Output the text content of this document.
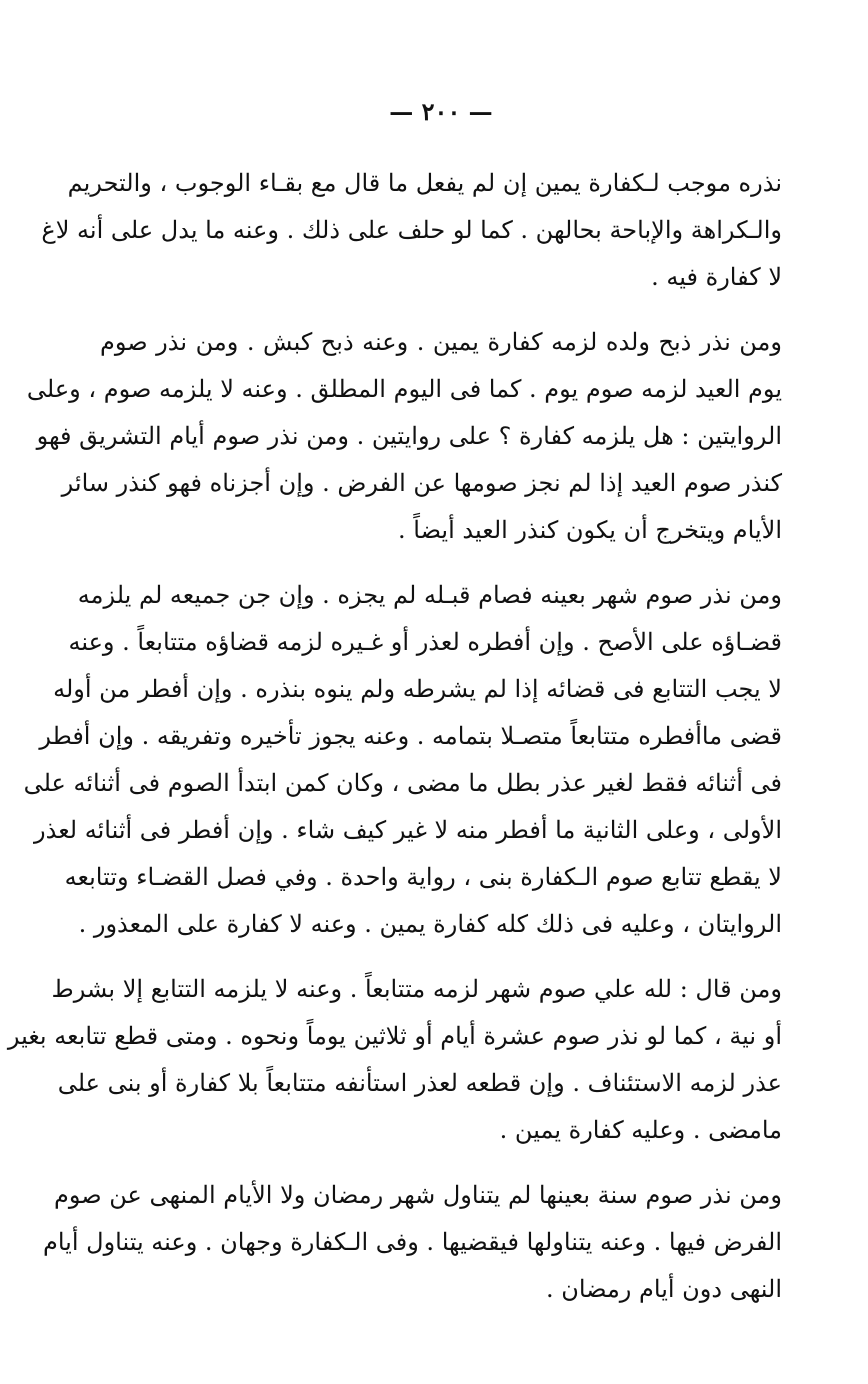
— ٢٠٠ —
نذره موجب لـكفارة يمين إن لم يفعل ما قال مع بقـاء الوجوب ، والتحريم
والـكراهة والإباحة بحالهن . كما لو حلف على ذلك . وعنه ما يدل على أنه لاغ
لا كفارة فيه .
ومن نذر ذبح ولده لزمه كفارة يمين . وعنه ذبح كبش . ومن نذر صوم
يوم العيد لزمه صوم يوم . كما فى اليوم المطلق . وعنه لا يلزمه صوم ، وعلى
الروايتين : هل يلزمه كفارة ؟ على روايتين . ومن نذر صوم أيام التشريق فهو
كنذر صوم العيد إذا لم نجز صومها عن الفرض . وإن أجزناه فهو كنذر سائر
الأيام ويتخرج أن يكون كنذر العيد أيضاً .
ومن نذر صوم شهر بعينه فصام قبـله لم يجزه . وإن جن جميعه لم يلزمه
قضـاؤه على الأصح . وإن أفطره لعذر أو غـيره لزمه قضاؤه متتابعاً . وعنه
لا يجب التتابع فى قضائه إذا لم يشرطه ولم ينوه بنذره . وإن أفطر من أوله
قضى ماأفطره متتابعاً متصـلا بتمامه . وعنه يجوز تأخيره وتفريقه . وإن أفطر
فى أثنائه فقط لغير عذر بطل ما مضى ، وكان كمن ابتدأ الصوم فى أثنائه على
الأولى ، وعلى الثانية ما أفطر منه لا غير كيف شاء . وإن أفطر فى أثنائه لعذر
لا يقطع تتابع صوم الـكفارة بنى ، رواية واحدة . وفي فصل القضـاء وتتابعه
الروايتان ، وعليه فى ذلك كله كفارة يمين . وعنه لا كفارة على المعذور .
ومن قال : لله علي صوم شهر لزمه متتابعاً . وعنه لا يلزمه التتابع إلا بشرط
أو نية ، كما لو نذر صوم عشرة أيام أو ثلاثين يوماً ونحوه . ومتى قطع تتابعه بغير
عذر لزمه الاستئناف . وإن قطعه لعذر استأنفه متتابعاً بلا كفارة أو بنى على
مامضى . وعليه كفارة يمين .
ومن نذر صوم سنة بعينها لم يتناول شهر رمضان ولا الأيام المنهى عن صوم
الفرض فيها . وعنه يتناولها فيقضيها . وفى الـكفارة وجهان . وعنه يتناول أيام
النهى دون أيام رمضان .
